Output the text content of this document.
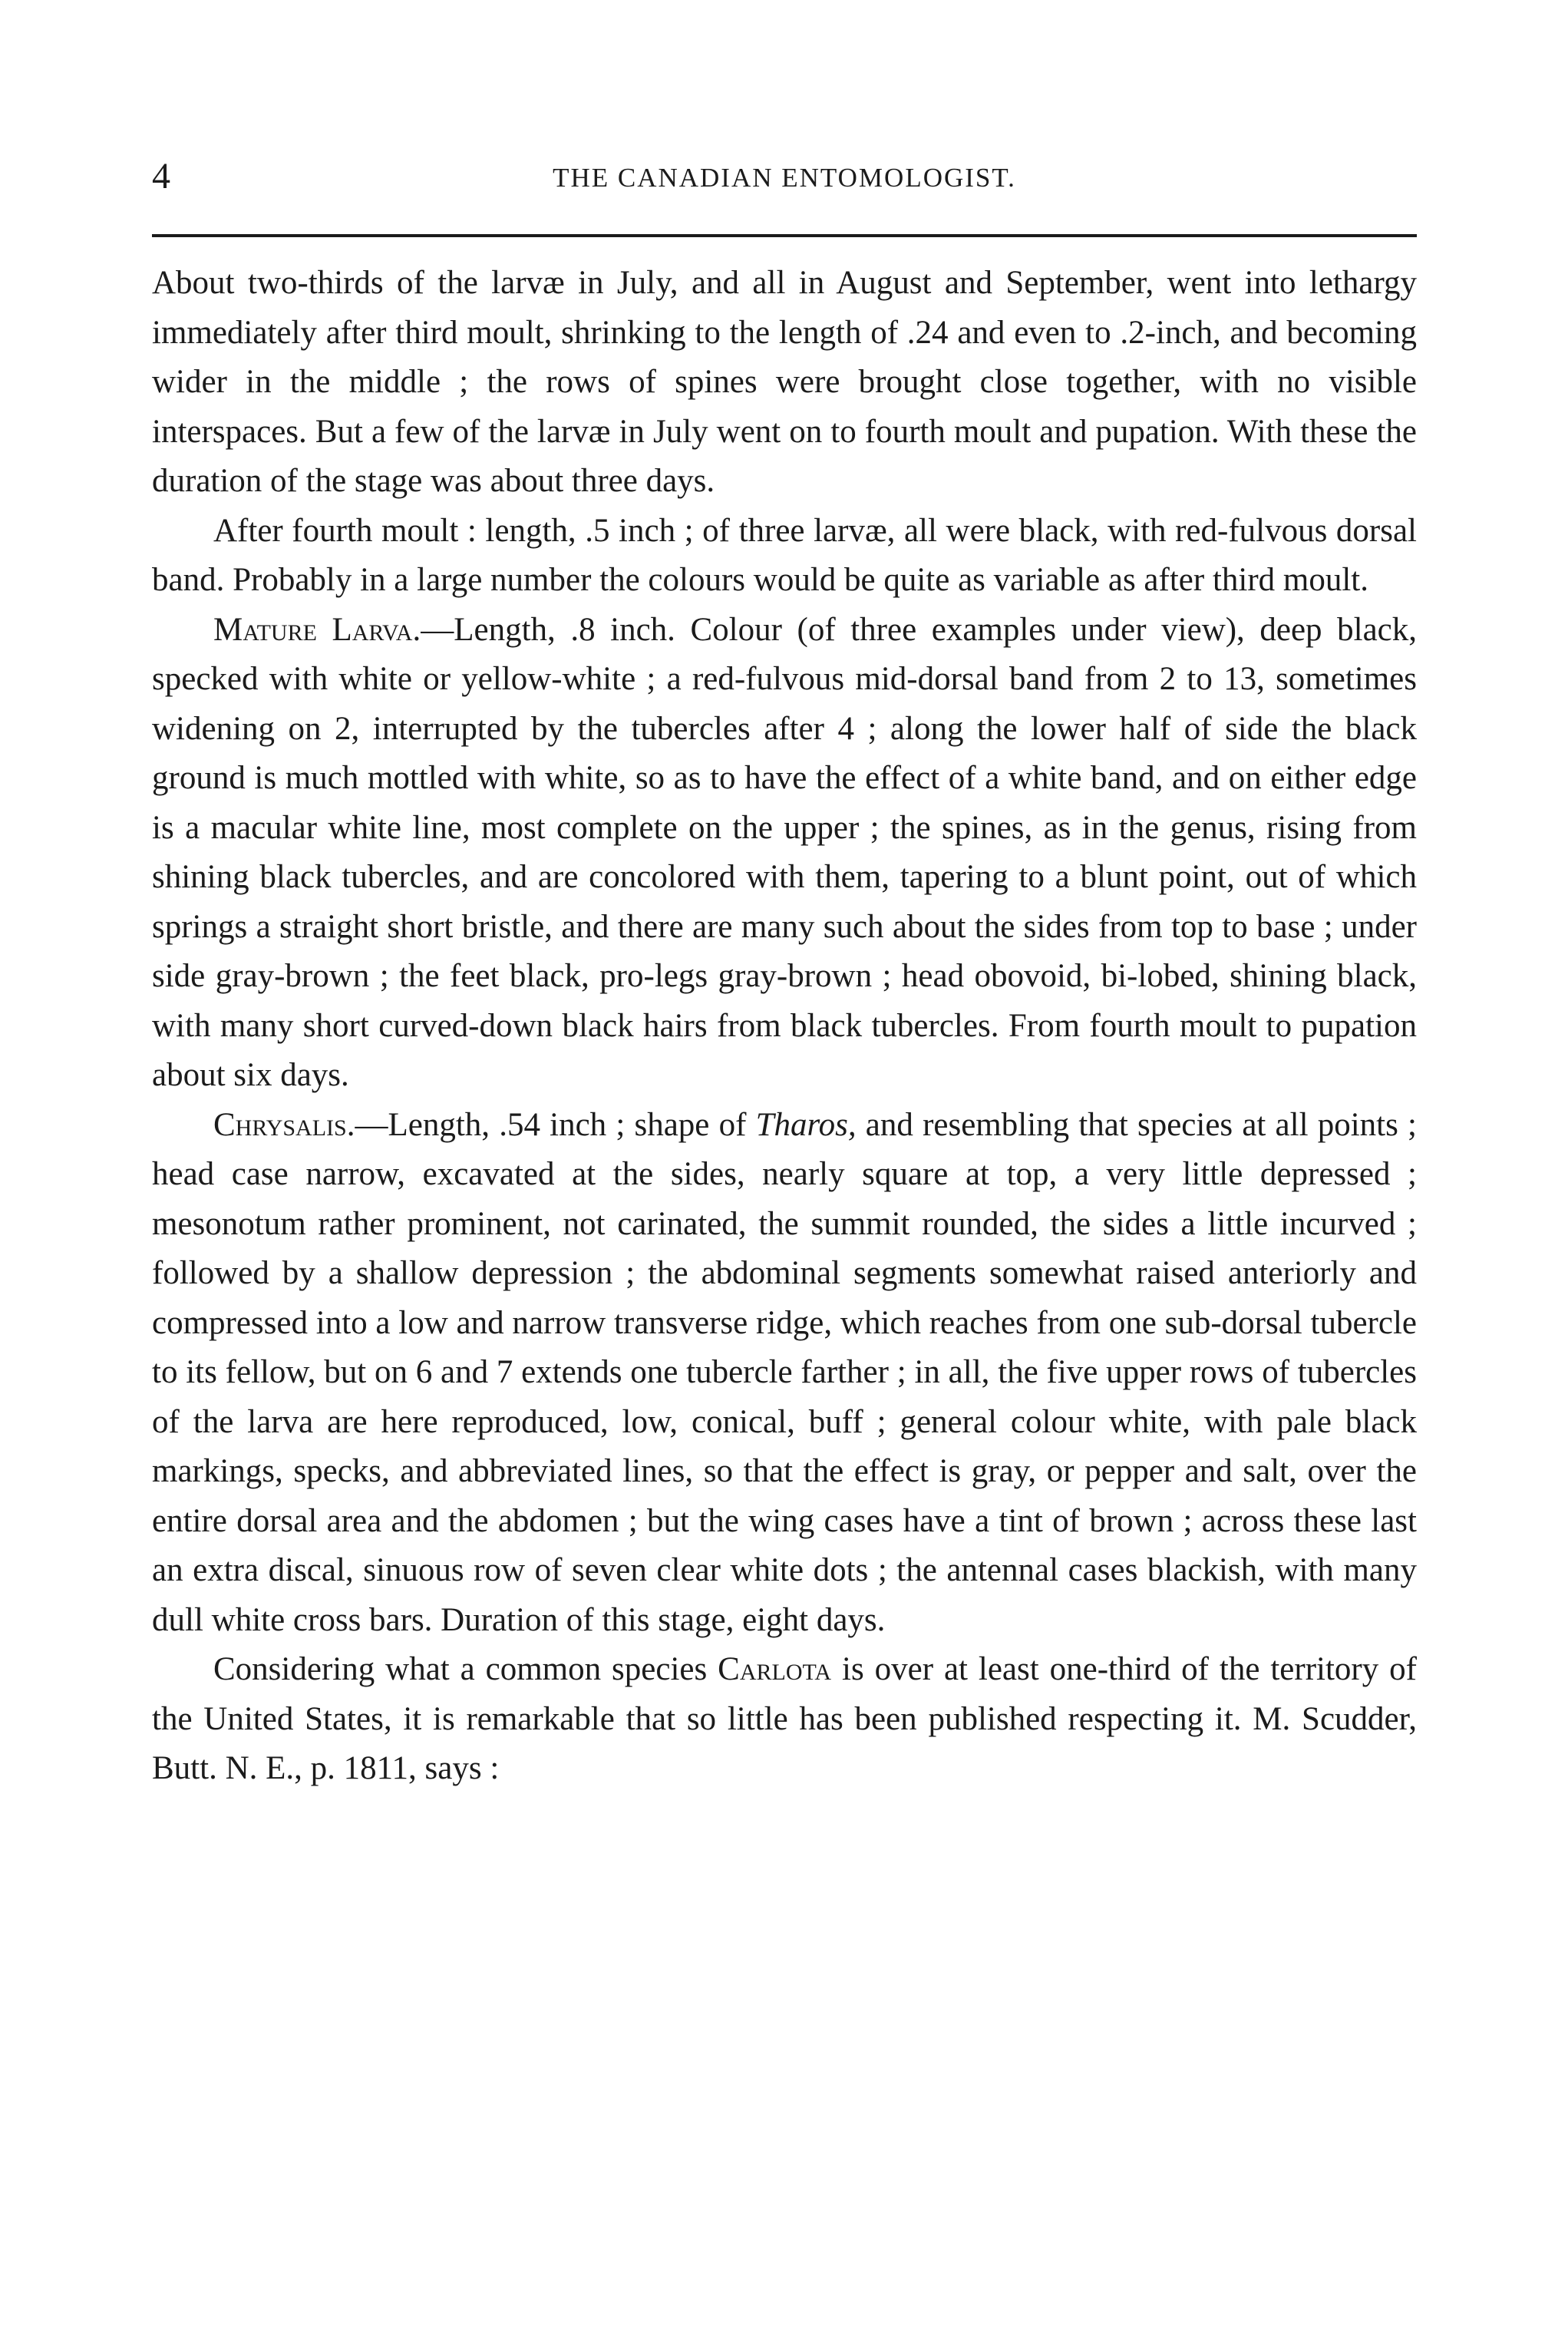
4	THE CANADIAN ENTOMOLOGIST.

About two-thirds of the larvæ in July, and all in August and September, went into lethargy immediately after third moult, shrinking to the length of .24 and even to .2-inch, and becoming wider in the middle ; the rows of spines were brought close together, with no visible interspaces. But a few of the larvæ in July went on to fourth moult and pupation. With these the duration of the stage was about three days.

After fourth moult : length, .5 inch ; of three larvæ, all were black, with red-fulvous dorsal band. Probably in a large number the colours would be quite as variable as after third moult.

Mature Larva.—Length, .8 inch. Colour (of three examples under view), deep black, specked with white or yellow-white ; a red-fulvous mid-dorsal band from 2 to 13, sometimes widening on 2, interrupted by the tubercles after 4 ; along the lower half of side the black ground is much mottled with white, so as to have the effect of a white band, and on either edge is a macular white line, most complete on the upper ; the spines, as in the genus, rising from shining black tubercles, and are concolored with them, tapering to a blunt point, out of which springs a straight short bristle, and there are many such about the sides from top to base ; under side gray-brown ; the feet black, pro-legs gray-brown ; head obovoid, bi-lobed, shining black, with many short curved-down black hairs from black tubercles. From fourth moult to pupation about six days.

Chrysalis.—Length, .54 inch ; shape of Tharos, and resembling that species at all points ; head case narrow, excavated at the sides, nearly square at top, a very little depressed ; mesonotum rather prominent, not carinated, the summit rounded, the sides a little incurved ; followed by a shallow depression ; the abdominal segments somewhat raised anteriorly and compressed into a low and narrow transverse ridge, which reaches from one sub-dorsal tubercle to its fellow, but on 6 and 7 extends one tubercle farther ; in all, the five upper rows of tubercles of the larva are here reproduced, low, conical, buff ; general colour white, with pale black markings, specks, and abbreviated lines, so that the effect is gray, or pepper and salt, over the entire dorsal area and the abdomen ; but the wing cases have a tint of brown ; across these last an extra discal, sinuous row of seven clear white dots ; the antennal cases blackish, with many dull white cross bars. Duration of this stage, eight days.

Considering what a common species Carlota is over at least one-third of the territory of the United States, it is remarkable that so little has been published respecting it. M. Scudder, Butt. N. E., p. 1811, says :
